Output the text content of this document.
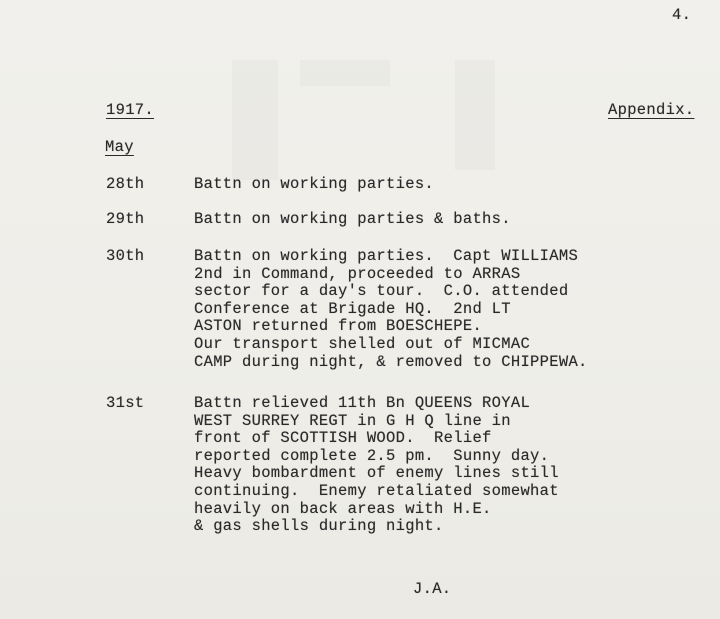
4.
1917.	Appendix.
May
28th	Battn on working parties.
29th	Battn on working parties & baths.
30th	Battn on working parties.  Capt WILLIAMS
2nd in Command, proceeded to ARRAS
sector for a day's tour.  C.O. attended
Conference at Brigade HQ.  2nd LT
ASTON returned from BOESCHEPE.
Our transport shelled out of MICMAC
CAMP during night, & removed to CHIPPEWA.
31st	Battn relieved 11th Bn QUEENS ROYAL
WEST SURREY REGT in G H Q line in
front of SCOTTISH WOOD.  Relief
reported complete 2.5 pm.  Sunny day.
Heavy bombardment of enemy lines still
continuing.  Enemy retaliated somewhat
heavily on back areas with H.E.
& gas shells during night.
J.A.
